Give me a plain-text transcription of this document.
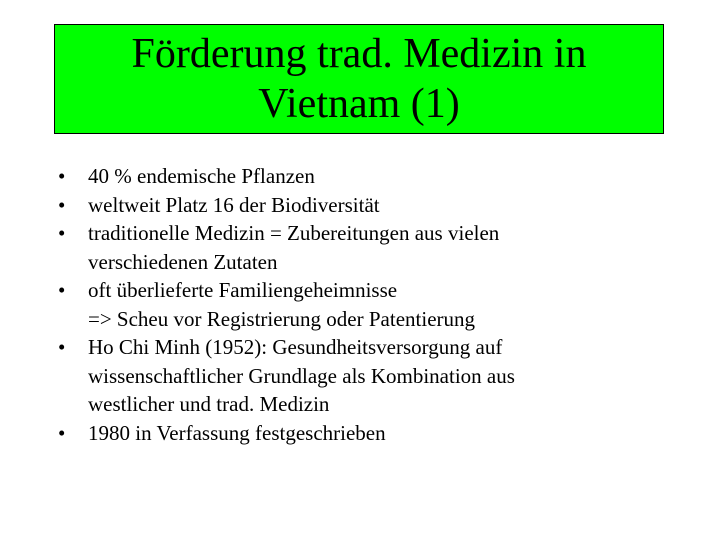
Förderung trad. Medizin in
Vietnam (1)
•	40 % endemische Pflanzen
•	weltweit Platz 16 der Biodiversität
•	traditionelle Medizin = Zubereitungen aus vielen
verschiedenen Zutaten
•	oft überlieferte Familiengeheimnisse
=> Scheu vor Registrierung oder Patentierung
•	Ho Chi Minh (1952): Gesundheitsversorgung auf
wissenschaftlicher Grundlage als Kombination aus
westlicher und trad. Medizin
•	1980 in Verfassung festgeschrieben
